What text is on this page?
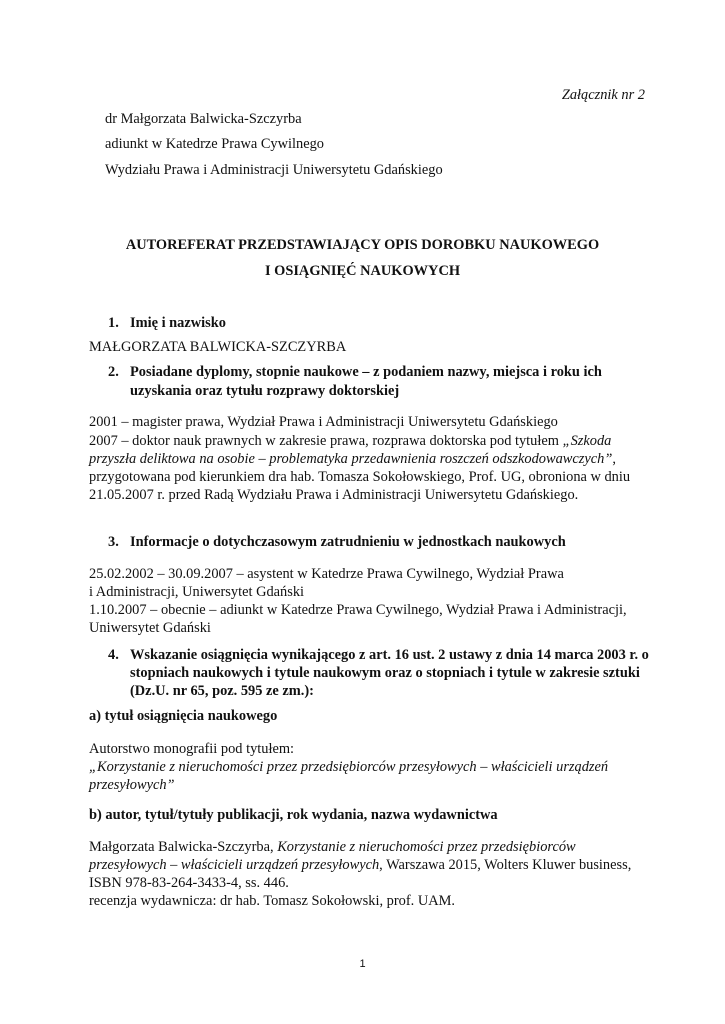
Załącznik nr 2
dr Małgorzata Balwicka-Szczyrba
adiunkt w Katedrze Prawa Cywilnego
Wydziału Prawa i Administracji Uniwersytetu Gdańskiego
AUTOREFERAT PRZEDSTAWIAJĄCY OPIS DOROBKU NAUKOWEGO
I OSIĄGNIĘĆ NAUKOWYCH
1. Imię i nazwisko
MAŁGORZATA BALWICKA-SZCZYRBA
2. Posiadane dyplomy, stopnie naukowe – z podaniem nazwy, miejsca i roku ich
uzyskania oraz tytułu rozprawy doktorskiej
2001 – magister prawa, Wydział Prawa i Administracji Uniwersytetu Gdańskiego
2007 – doktor nauk prawnych w zakresie prawa, rozprawa doktorska pod tytułem „Szkoda
przyszła deliktowa na osobie – problematyka przedawnienia roszczeń odszkodowawczych”,
przygotowana pod kierunkiem dra hab. Tomasza Sokołowskiego, Prof. UG, obroniona w dniu
21.05.2007 r. przed Radą Wydziału Prawa i Administracji Uniwersytetu Gdańskiego.
3. Informacje o dotychczasowym zatrudnieniu w jednostkach naukowych
25.02.2002 – 30.09.2007 – asystent w Katedrze Prawa Cywilnego, Wydział Prawa
i Administracji, Uniwersytet Gdański
1.10.2007 – obecnie – adiunkt w Katedrze Prawa Cywilnego, Wydział Prawa i Administracji,
Uniwersytet Gdański
4. Wskazanie osiągnięcia wynikającego z art. 16 ust. 2 ustawy z dnia 14 marca 2003 r. o
stopniach naukowych i tytule naukowym oraz o stopniach i tytule w zakresie sztuki
(Dz.U. nr 65, poz. 595 ze zm.):
a) tytuł osiągnięcia naukowego
Autorstwo monografii pod tytułem:
„Korzystanie z nieruchomości przez przedsiębiorców przesyłowych – właścicieli urządzeń
przesyłowych”
b) autor, tytuł/tytuły publikacji, rok wydania, nazwa wydawnictwa
Małgorzata Balwicka-Szczyrba, Korzystanie z nieruchomości przez przedsiębiorców
przesyłowych – właścicieli urządzeń przesyłowych, Warszawa 2015, Wolters Kluwer business,
ISBN 978-83-264-3433-4, ss. 446.
recenzja wydawnicza: dr hab. Tomasz Sokołowski, prof. UAM.
1
